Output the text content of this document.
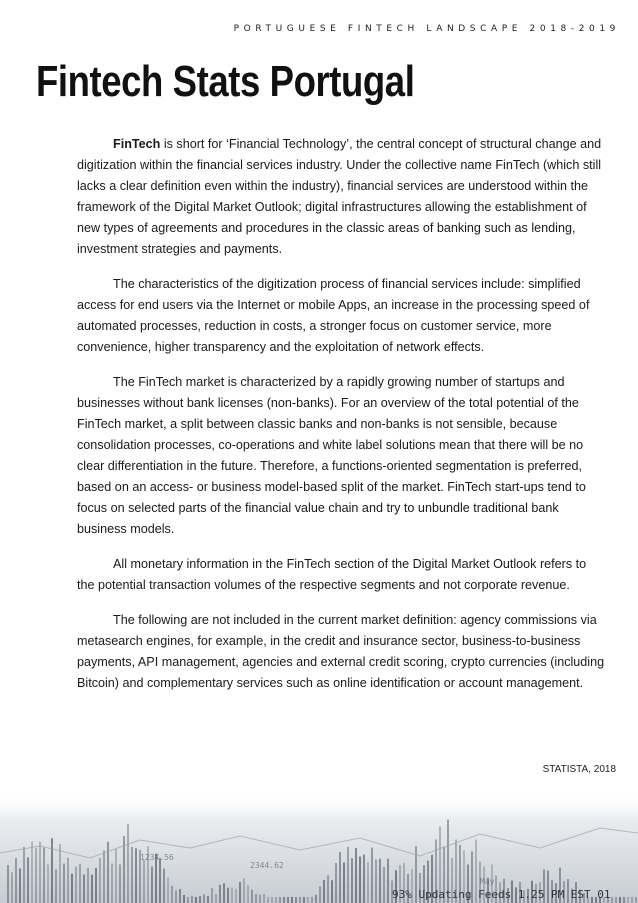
PORTUGUESE FINTECH LANDSCAPE 2018-2019
Fintech Stats Portugal

FinTech is short for ‘Financial Technology’, the central concept of structural change and digitization within the financial services industry. Under the collective name FinTech (which still lacks a clear definition even within the industry), financial services are understood within the framework of the Digital Market Outlook; digital infrastructures allowing the establishment of new types of agreements and procedures in the classic areas of banking such as lending, investment strategies and payments.

The characteristics of the digitization process of financial services include: simplified access for end users via the Internet or mobile Apps, an increase in the processing speed of automated processes, reduction in costs, a stronger focus on customer service, more convenience, higher transparency and the exploitation of network effects.

The FinTech market is characterized by a rapidly growing number of startups and businesses without bank licenses (non-banks). For an overview of the total potential of the FinTech market, a split between classic banks and non-banks is not sensible, because consolidation processes, co-operations and white label solutions mean that there will be no clear differentiation in the future. Therefore, a functions-oriented segmentation is preferred, based on an access- or business model-based split of the market. FinTech start-ups tend to focus on selected parts of the financial value chain and try to unbundle traditional bank business models.

All monetary information in the FinTech section of the Digital Market Outlook refers to the potential transaction volumes of the respective segments and not corporate revenue.

The following are not included in the current market definition: agency commissions via metasearch engines, for example, in the credit and insurance sector, business-to-business payments, API management, agencies and external credit scoring, crypto currencies (including Bitcoin) and complementary services such as online identification or account management.

STATISTA, 2018
1234.56
2344.62
May
93% Updating Feeds 1.25 PM EST 01
